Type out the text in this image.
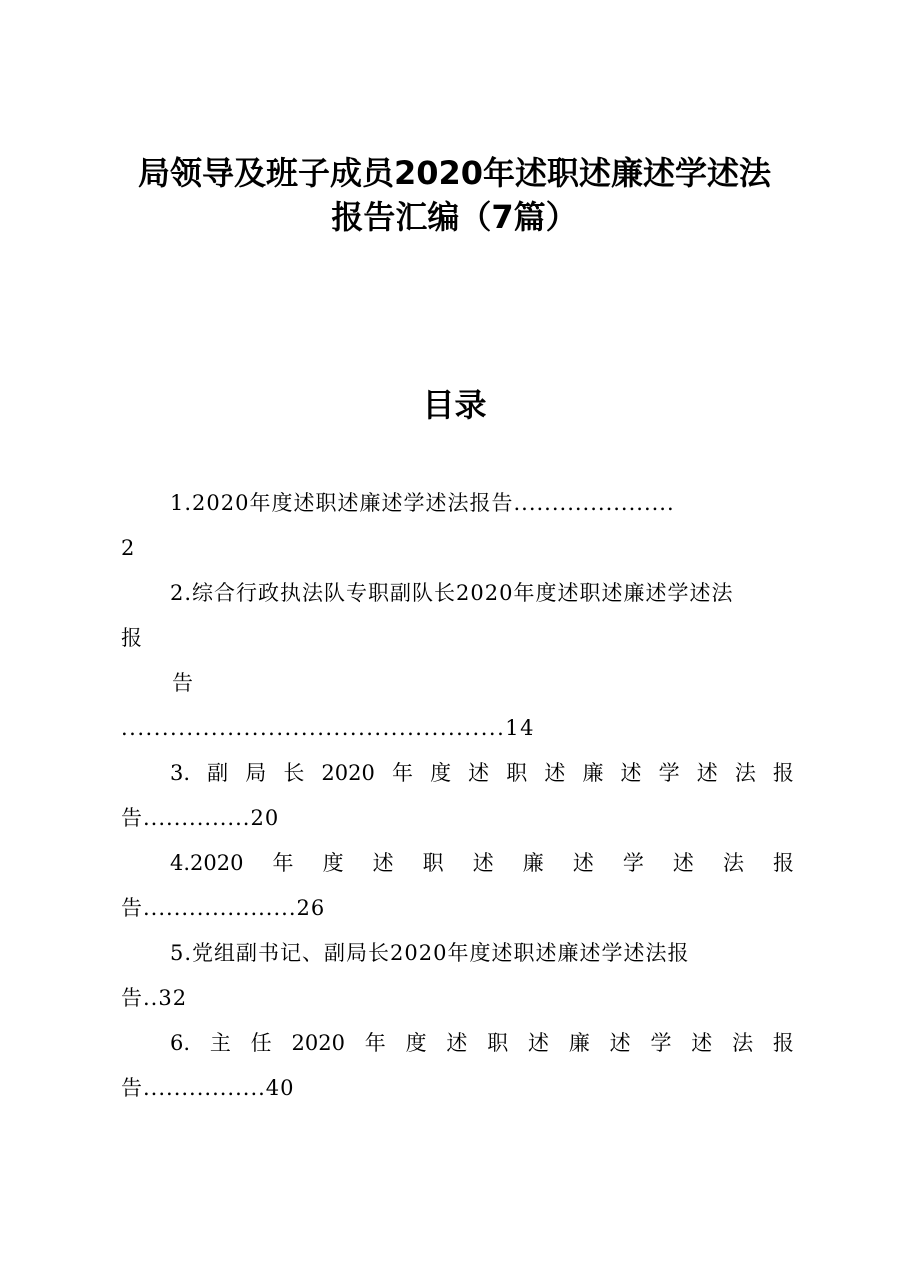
局领导及班子成员2020年述职述廉述学述法
报告汇编（7篇）
目录
1.2020年度述职述廉述学述法报告.....................
2
2.综合行政执法队专职副队长2020年度述职述廉述学述法
报
告
...............................................14
3. 副 局 长 2020 年 度 述 职 述 廉 述 学 述 法 报
告..............20
4.2020 年 度 述 职 述 廉 述 学 述 法 报
告....................26
5.党组副书记、副局长2020年度述职述廉述学述法报
告..32
6. 主 任 2020 年 度 述 职 述 廉 述 学 述 法 报
告................40
